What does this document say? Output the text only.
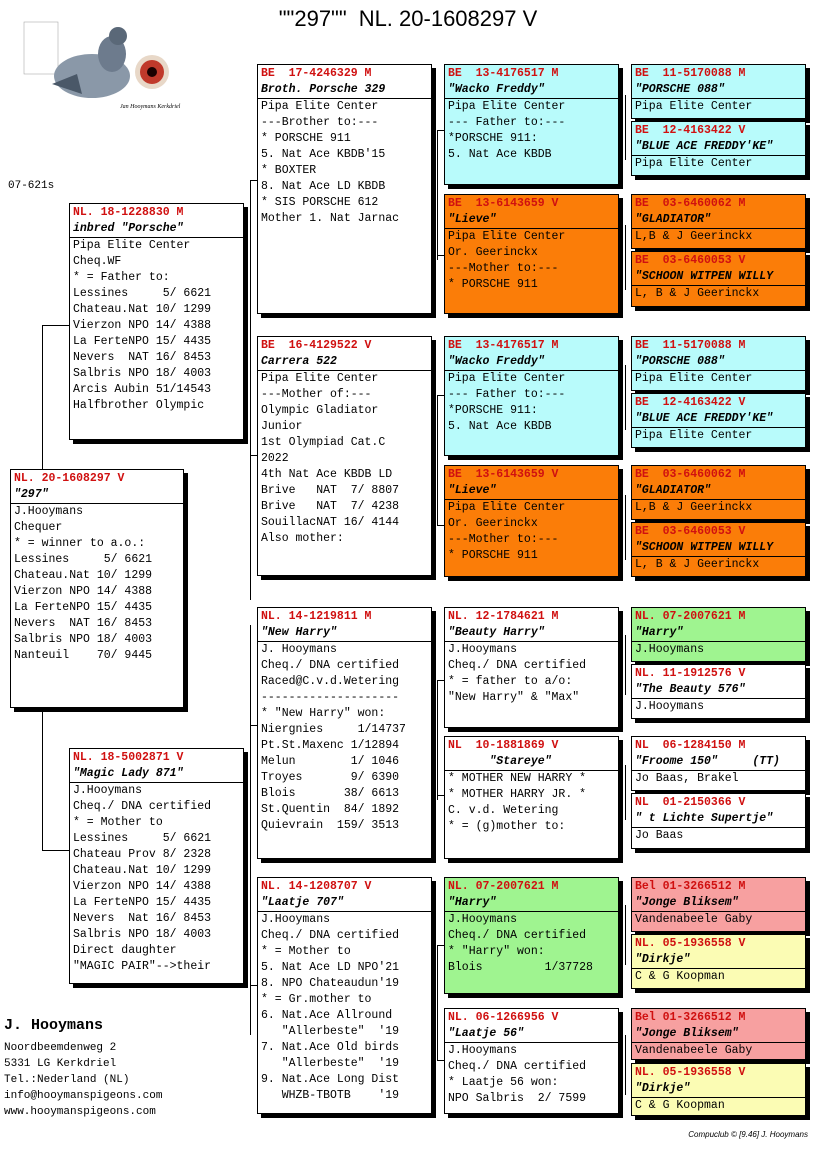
""297"" NL. 20-1608297 V
Jan Hooymans Kerkdriel
07-621s
NL. 20-1608297 V
"297"
J.Hooymans
Chequer
* = winner to a.o.:
Lessines     5/ 6621
Chateau.Nat 10/ 1299
Vierzon NPO 14/ 4388
La FerteNPO 15/ 4435
Nevers  NAT 16/ 8453
Salbris NPO 18/ 4003
Nanteuil    70/ 9445
NL. 18-1228830 M
inbred "Porsche"
Pipa Elite Center
Cheq.WF
* = Father to:
Lessines     5/ 6621
Chateau.Nat 10/ 1299
Vierzon NPO 14/ 4388
La FerteNPO 15/ 4435
Nevers  NAT 16/ 8453
Salbris NPO 18/ 4003
Arcis Aubin 51/14543
Halfbrother Olympic
NL. 18-5002871 V
"Magic Lady 871"
J.Hooymans
Cheq./ DNA certified
* = Mother to
Lessines     5/ 6621
Chateau Prov 8/ 2328
Chateau.Nat 10/ 1299
Vierzon NPO 14/ 4388
La FerteNPO 15/ 4435
Nevers  Nat 16/ 8453
Salbris NPO 18/ 4003
Direct daughter
"MAGIC PAIR"-->their
BE  17-4246329 M
Broth. Porsche 329
Pipa Elite Center
---Brother to:---
* PORSCHE 911
5. Nat Ace KBDB'15
* BOXTER
8. Nat Ace LD KBDB
* SIS PORSCHE 612
Mother 1. Nat Jarnac
BE  16-4129522 V
Carrera 522
Pipa Elite Center
---Mother of:---
Olympic Gladiator
Junior
1st Olympiad Cat.C
2022
4th Nat Ace KBDB LD
Brive   NAT  7/ 8807
Brive   NAT  7/ 4238
SouillacNAT 16/ 4144
Also mother:
NL. 14-1219811 M
"New Harry"
J. Hooymans
Cheq./ DNA certified
Raced@C.v.d.Wetering
--------------------
* "New Harry" won:
Niergnies     1/14737
Pt.St.Maxenc 1/12894
Melun        1/ 1046
Troyes       9/ 6390
Blois       38/ 6613
St.Quentin  84/ 1892
Quievrain  159/ 3513
NL. 14-1208707 V
"Laatje 707"
J.Hooymans
Cheq./ DNA certified
* = Mother to
5. Nat Ace LD NPO'21
8. NPO Chateaudun'19
* = Gr.mother to
6. Nat.Ace Allround
"Allerbeste"  '19
7. Nat.Ace Old birds
"Allerbeste"  '19
9. Nat.Ace Long Dist
WHZB-TBOTB    '19
BE  13-4176517 M
"Wacko Freddy"
Pipa Elite Center
--- Father to:---
*PORSCHE 911:
5. Nat Ace KBDB
BE  13-6143659 V
"Lieve"
Pipa Elite Center
Or. Geerinckx
---Mother to:---
* PORSCHE 911
BE  13-4176517 M
"Wacko Freddy"
Pipa Elite Center
--- Father to:---
*PORSCHE 911:
5. Nat Ace KBDB
BE  13-6143659 V
"Lieve"
Pipa Elite Center
Or. Geerinckx
---Mother to:---
* PORSCHE 911
NL. 12-1784621 M
"Beauty Harry"
J.Hooymans
Cheq./ DNA certified
* = father to a/o:
"New Harry" & "Max"
NL  10-1881869 V
"Stareye"
* MOTHER NEW HARRY *
* MOTHER HARRY JR. *
C. v.d. Wetering
* = (g)mother to:
NL. 07-2007621 M
"Harry"
J.Hooymans
Cheq./ DNA certified
* "Harry" won:
Blois         1/37728
NL. 06-1266956 V
"Laatje 56"
J.Hooymans
Cheq./ DNA certified
* Laatje 56 won:
NPO Salbris  2/ 7599
BE  11-5170088 M
"PORSCHE 088"
Pipa Elite Center
BE  12-4163422 V
"BLUE ACE FREDDY'KE"
Pipa Elite Center
BE  03-6460062 M
"GLADIATOR"
L,B & J Geerinckx
BE  03-6460053 V
"SCHOON WITPEN WILLY
L, B & J Geerinckx
BE  11-5170088 M
"PORSCHE 088"
Pipa Elite Center
BE  12-4163422 V
"BLUE ACE FREDDY'KE"
Pipa Elite Center
BE  03-6460062 M
"GLADIATOR"
L,B & J Geerinckx
BE  03-6460053 V
"SCHOON WITPEN WILLY
L, B & J Geerinckx
NL. 07-2007621 M
"Harry"
J.Hooymans
NL. 11-1912576 V
"The Beauty 576"
J.Hooymans
NL  06-1284150 M
"Froome 150"     (TT)
Jo Baas, Brakel
NL  01-2150366 V
" t Lichte Supertje"
Jo Baas
Bel 01-3266512 M
"Jonge Bliksem"
Vandenabeele Gaby
NL. 05-1936558 V
"Dirkje"
C & G Koopman
Bel 01-3266512 M
"Jonge Bliksem"
Vandenabeele Gaby
NL. 05-1936558 V
"Dirkje"
C & G Koopman
J. Hooymans
Noordbeemdenweg 2
5331 LG Kerkdriel
Tel.:Nederland (NL)
info@hooymanspigeons.com
www.hooymanspigeons.com
Compuclub © [9.46] J. Hooymans
